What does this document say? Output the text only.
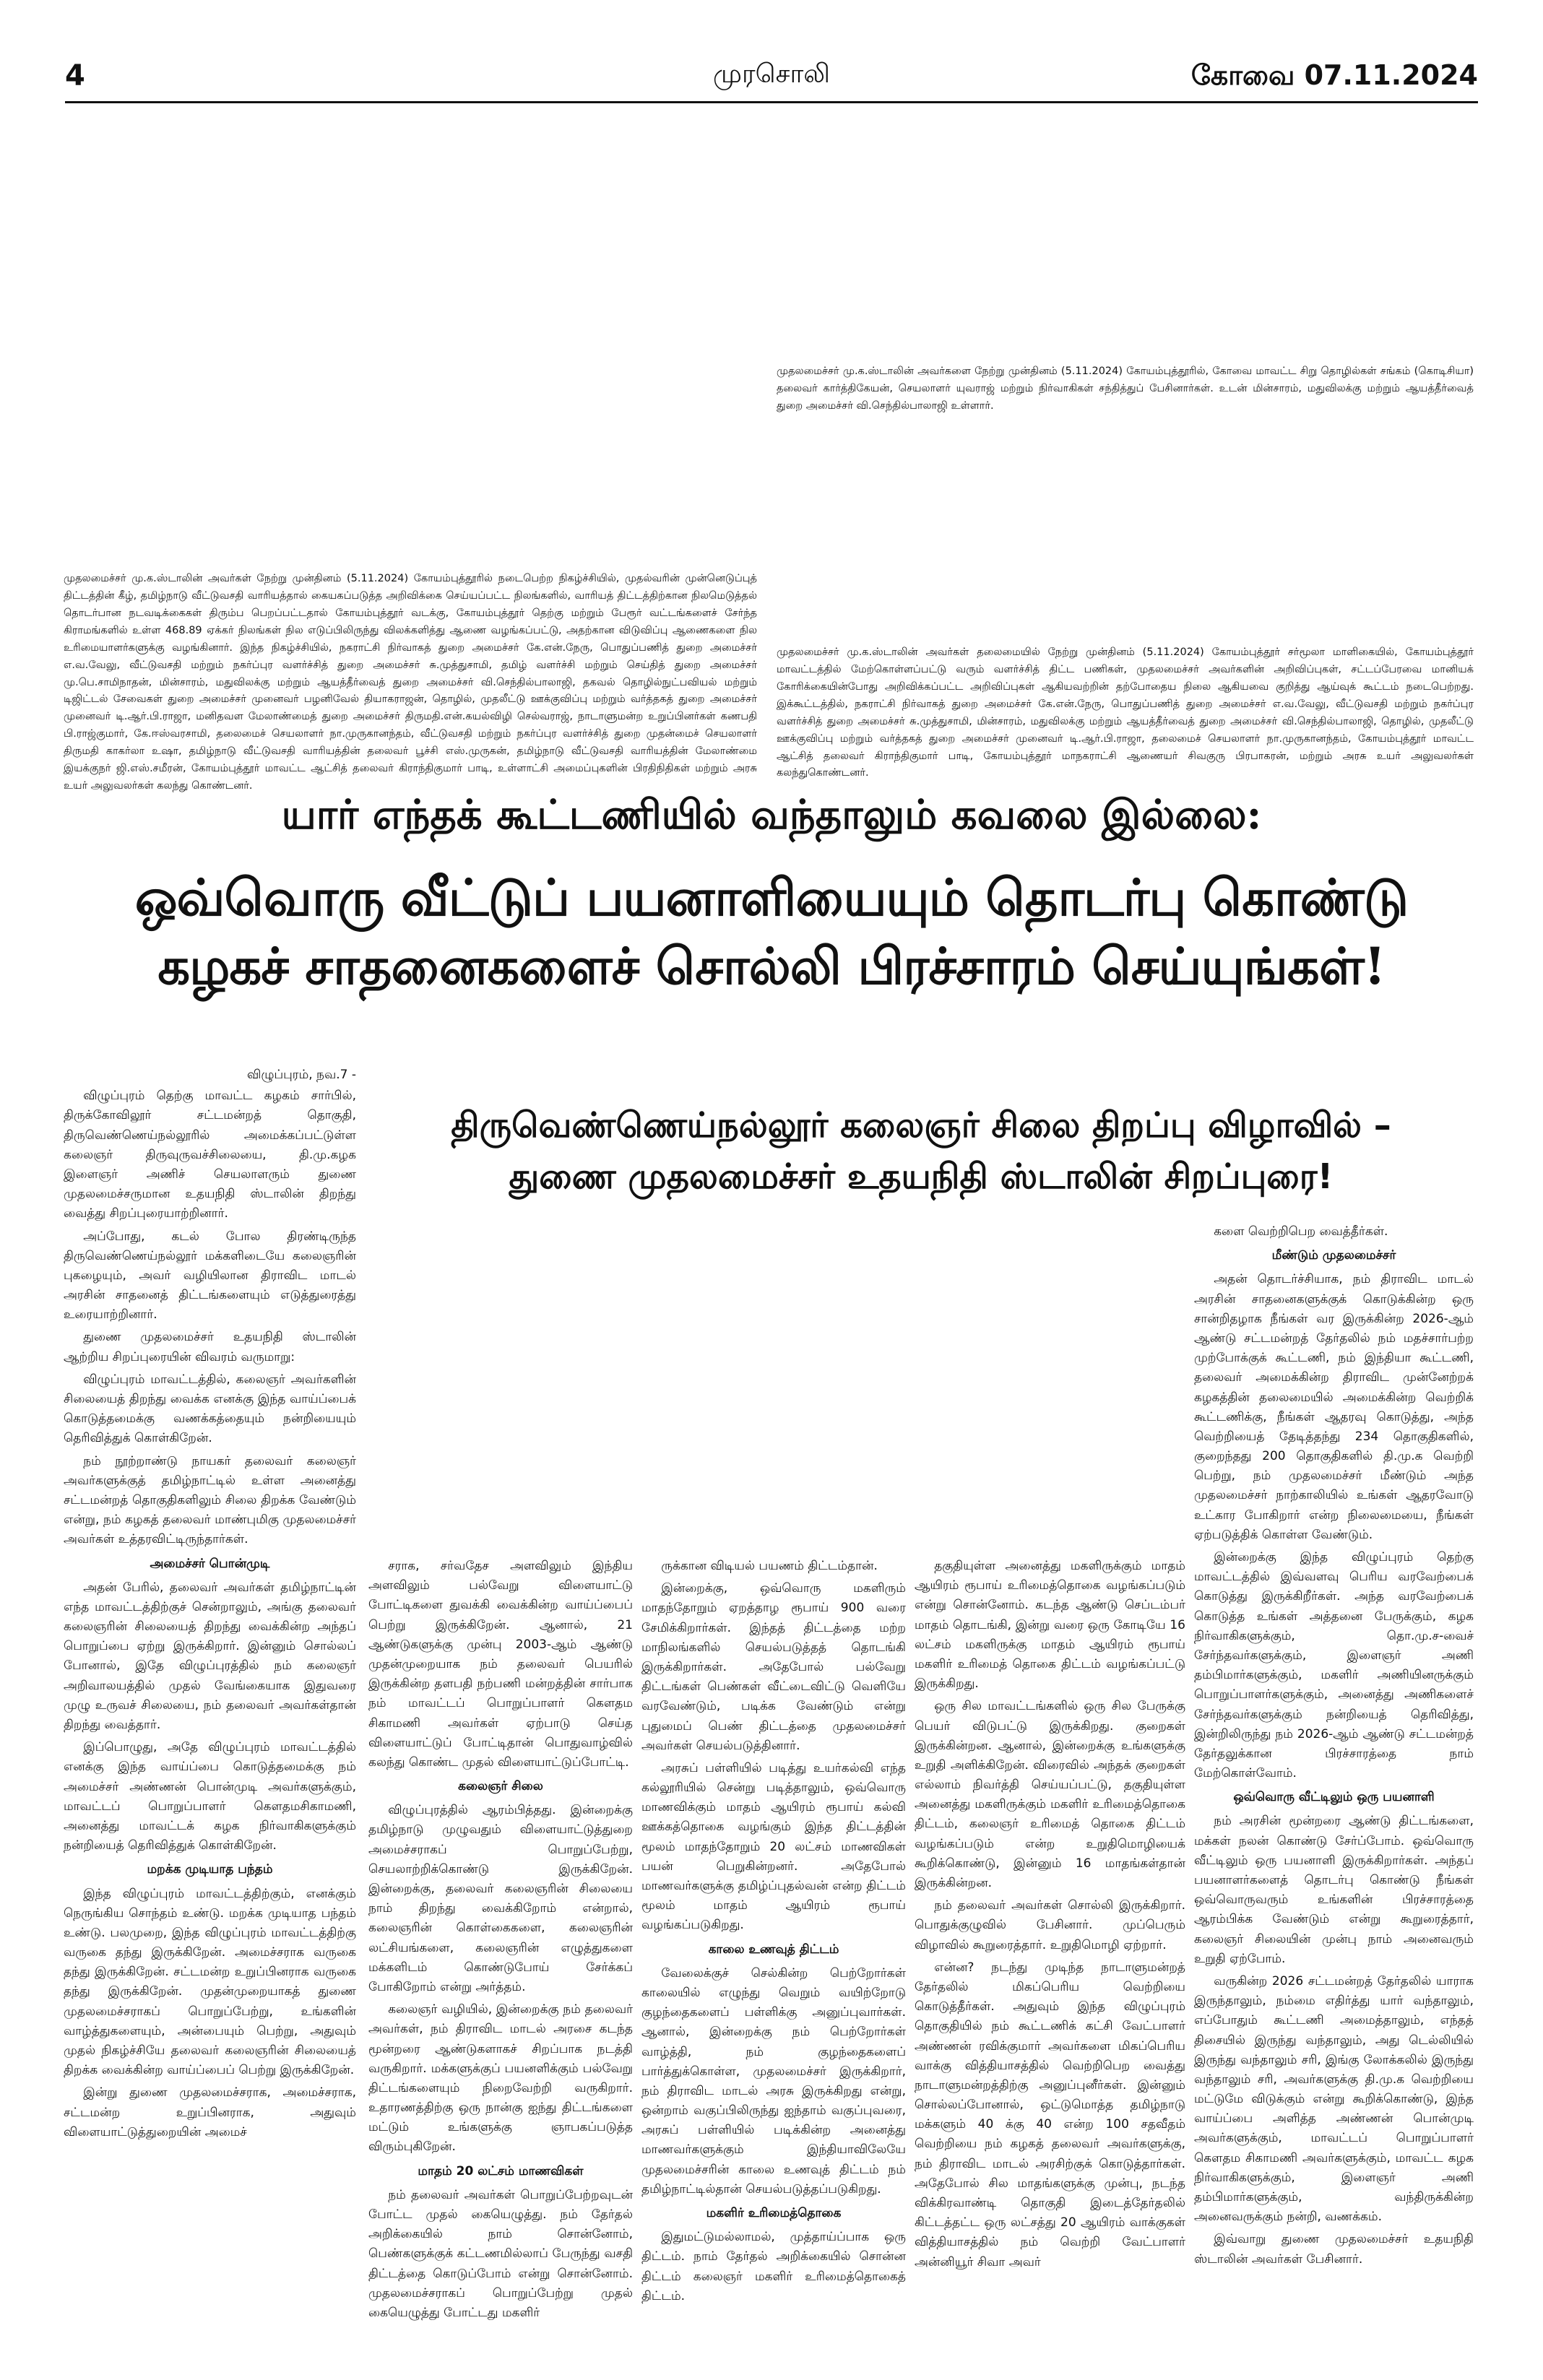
4	முரசொலி	கோவை 07.11.2024
முதலமைச்சர் மு.க.ஸ்டாலின் அவர்களை நேற்று முன்தினம் (5.11.2024) கோயம்புத்தூரில், கோவை மாவட்ட சிறு தொழில்கள் சங்கம் (கொடிசியா) தலைவர் கார்த்திகேயன், செயலாளர் யுவராஜ் மற்றும் நிர்வாகிகள் சந்தித்துப் பேசினார்கள். உடன் மின்சாரம், மதுவிலக்கு மற்றும் ஆயத்தீர்வைத் துறை அமைச்சர் வி.செந்தில்பாலாஜி உள்ளார்.
முதலமைச்சர் மு.க.ஸ்டாலின் அவர்கள் நேற்று முன்தினம் (5.11.2024) கோயம்புத்தூரில் நடைபெற்ற நிகழ்ச்சியில், முதல்வரின் முன்னெடுப்புத் திட்டத்தின் கீழ், தமிழ்நாடு வீட்டுவசதி வாரியத்தால் கையகப்படுத்த அறிவிக்கை செய்யப்பட்ட நிலங்களில், வாரியத் திட்டத்திற்கான நிலமெடுத்தல் தொடர்பான நடவடிக்கைகள் திரும்ப பெறப்பட்டதால் கோயம்புத்தூர் வடக்கு, கோயம்புத்தூர் தெற்கு மற்றும் பேரூர் வட்டங்களைச் சேர்ந்த கிராமங்களில் உள்ள 468.89 ஏக்கர் நிலங்கள் நில எடுப்பிலிருந்து விலக்களித்து ஆணை வழங்கப்பட்டு, அதற்கான விடுவிப்பு ஆணைகளை நில உரிமையாளர்களுக்கு வழங்கினார். இந்த நிகழ்ச்சியில், நகராட்சி நிர்வாகத் துறை அமைச்சர் கே.என்.நேரு, பொதுப்பணித் துறை அமைச்சர் எ.வ.வேலு, வீட்டுவசதி மற்றும் நகர்ப்புர வளர்ச்சித் துறை அமைச்சர் சு.முத்துசாமி, தமிழ் வளர்ச்சி மற்றும் செய்தித் துறை அமைச்சர் மு.பெ.சாமிநாதன், மின்சாரம், மதுவிலக்கு மற்றும் ஆயத்தீர்வைத் துறை அமைச்சர் வி.செந்தில்பாலாஜி, தகவல் தொழில்நுட்பவியல் மற்றும் டிஜிட்டல் சேவைகள் துறை அமைச்சர் முனைவர் பழனிவேல் தியாகராஜன், தொழில், முதலீட்டு ஊக்குவிப்பு மற்றும் வர்த்தகத் துறை அமைச்சர் முனைவர் டி.ஆர்.பி.ராஜா, மனிதவள மேலாண்மைத் துறை அமைச்சர் திருமதி.என்.கயல்விழி செல்வராஜ், நாடாளுமன்ற உறுப்பினர்கள் கணபதி பி.ராஜ்குமார், கே.ஈஸ்வரசாமி, தலைமைச் செயலாளர் நா.முருகானந்தம், வீட்டுவசதி மற்றும் நகர்ப்புர வளர்ச்சித் துறை முதன்மைச் செயலாளர் திருமதி காகர்லா உஷா, தமிழ்நாடு வீட்டுவசதி வாரியத்தின் தலைவர் பூச்சி எஸ்.முருகன், தமிழ்நாடு வீட்டுவசதி வாரியத்தின் மேலாண்மை இயக்குநர் ஜி.எஸ்.சமீரன், கோயம்புத்தூர் மாவட்ட ஆட்சித் தலைவர் கிராந்திகுமார் பாடி, உள்ளாட்சி அமைப்புகளின் பிரதிநிதிகள் மற்றும் அரசு உயர் அலுவலர்கள் கலந்து கொண்டனர்.
முதலமைச்சர் மு.க.ஸ்டாலின் அவர்கள் தலைமையில் நேற்று முன்தினம் (5.11.2024) கோயம்புத்தூர் சர்மூலா மாளிகையில், கோயம்புத்தூர் மாவட்டத்தில் மேற்கொள்ளப்பட்டு வரும் வளர்ச்சித் திட்ட பணிகள், முதலமைச்சர் அவர்களின் அறிவிப்புகள், சட்டப்பேரவை மானியக் கோரிக்கையின்போது அறிவிக்கப்பட்ட அறிவிப்புகள் ஆகியவற்றின் தற்போதைய நிலை ஆகியவை குறித்து ஆய்வுக் கூட்டம் நடைபெற்றது. இக்கூட்டத்தில், நகராட்சி நிர்வாகத் துறை அமைச்சர் கே.என்.நேரு, பொதுப்பணித் துறை அமைச்சர் எ.வ.வேலு, வீட்டுவசதி மற்றும் நகர்ப்புர வளர்ச்சித் துறை அமைச்சர் சு.முத்துசாமி, மின்சாரம், மதுவிலக்கு மற்றும் ஆயத்தீர்வைத் துறை அமைச்சர் வி.செந்தில்பாலாஜி, தொழில், முதலீட்டு ஊக்குவிப்பு மற்றும் வர்த்தகத் துறை அமைச்சர் முனைவர் டி.ஆர்.பி.ராஜா, தலைமைச் செயலாளர் நா.முருகானந்தம், கோயம்புத்தூர் மாவட்ட ஆட்சித் தலைவர் கிராந்திகுமார் பாடி, கோயம்புத்தூர் மாநகராட்சி ஆணையர் சிவகுரு பிரபாகரன், மற்றும் அரசு உயர் அலுவலர்கள் கலந்துகொண்டனர்.
யார் எந்தக் கூட்டணியில் வந்தாலும் கவலை இல்லை:
ஒவ்வொரு வீட்டுப் பயனாளியையும் தொடர்பு கொண்டு
கழகச் சாதனைகளைச் சொல்லி பிரச்சாரம் செய்யுங்கள்!
திருவெண்ணெய்நல்லூர் கலைஞர் சிலை திறப்பு விழாவில் –
துணை முதலமைச்சர் உதயநிதி ஸ்டாலின் சிறப்புரை!

விழுப்புரம், நவ.7 -

விழுப்புரம் தெற்கு மாவட்ட கழகம் சார்பில், திருக்கோவிலூர் சட்டமன்றத் தொகுதி, திருவெண்ணெய்நல்லூரில் அமைக்கப்பட்டுள்ள கலைஞர் திருவுருவச்சிலையை, தி.மு.கழக இளைஞர் அணிச் செயலாளரும் துணை முதலமைச்சருமான உதயநிதி ஸ்டாலின் திறந்து வைத்து சிறப்புரையாற்றினார்.

அப்போது, கடல் போல திரண்டிருந்த திருவெண்ணெய்நல்லூர் மக்களிடையே கலைஞரின் புகழையும், அவர் வழியிலான திராவிட மாடல் அரசின் சாதனைத் திட்டங்களையும் எடுத்துரைத்து உரையாற்றினார்.

துணை முதலமைச்சர் உதயநிதி ஸ்டாலின் ஆற்றிய சிறப்புரையின் விவரம் வருமாறு:

விழுப்புரம் மாவட்டத்தில், கலைஞர் அவர்களின் சிலையைத் திறந்து வைக்க எனக்கு இந்த வாய்ப்பைக் கொடுத்தமைக்கு வணக்கத்தையும் நன்றியையும் தெரிவித்துக் கொள்கிறேன்.

நம் நூற்றாண்டு நாயகர் தலைவர் கலைஞர் அவர்களுக்குத் தமிழ்நாட்டில் உள்ள அனைத்து சட்டமன்றத் தொகுதிகளிலும் சிலை திறக்க வேண்டும் என்று, நம் கழகத் தலைவர் மாண்புமிகு முதலமைச்சர் அவர்கள் உத்தரவிட்டிருந்தார்கள்.

அமைச்சர் பொன்முடி

அதன் பேரில், தலைவர் அவர்கள் தமிழ்நாட்டின் எந்த மாவட்டத்திற்குச் சென்றாலும், அங்கு தலைவர் கலைஞரின் சிலையைத் திறந்து வைக்கின்ற அந்தப் பொறுப்பை ஏற்று இருக்கிறார். இன்னும் சொல்லப் போனால், இதே விழுப்புரத்தில் நம் கலைஞர் அறிவாலயத்தில் முதல் வேங்கையாக இதுவரை முழு உருவச் சிலையை, நம் தலைவர் அவர்கள்தான் திறந்து வைத்தார்.

இப்பொழுது, அதே விழுப்புரம் மாவட்டத்தில் எனக்கு இந்த வாய்ப்பை கொடுத்தமைக்கு நம் அமைச்சர் அண்ணன் பொன்முடி அவர்களுக்கும், மாவட்டப் பொறுப்பாளர் கௌதமசிகாமணி, அனைத்து மாவட்டக் கழக நிர்வாகிகளுக்கும் நன்றியைத் தெரிவித்துக் கொள்கிறேன்.

மறக்க முடியாத பந்தம்

இந்த விழுப்புரம் மாவட்டத்திற்கும், எனக்கும் நெருங்கிய சொந்தம் உண்டு. மறக்க முடியாத பந்தம் உண்டு. பலமுறை, இந்த விழுப்புரம் மாவட்டத்திற்கு வருகை தந்து இருக்கிறேன். அமைச்சராக வருகை தந்து இருக்கிறேன். சட்டமன்ற உறுப்பினராக வருகை தந்து இருக்கிறேன். முதன்முறையாகத் துணை முதலமைச்சராகப் பொறுப்பேற்று, உங்களின் வாழ்த்துகளையும், அன்பையும் பெற்று, அதுவும் முதல் நிகழ்ச்சியே தலைவர் கலைஞரின் சிலையைத் திறக்க வைக்கின்ற வாய்ப்பைப் பெற்று இருக்கிறேன்.

இன்று துணை முதலமைச்சராக, அமைச்சராக, சட்டமன்ற உறுப்பினராக, அதுவும் விளையாட்டுத்துறையின் அமைச்

சராக, சர்வதேச அளவிலும் இந்திய அளவிலும் பல்வேறு விளையாட்டு போட்டிகளை துவக்கி வைக்கின்ற வாய்ப்பைப் பெற்று இருக்கிறேன். ஆனால், 21 ஆண்டுகளுக்கு முன்பு 2003-ஆம் ஆண்டு முதன்முறையாக நம் தலைவர் பெயரில் இருக்கின்ற தளபதி நற்பணி மன்றத்தின் சார்பாக நம் மாவட்டப் பொறுப்பாளர் கௌதம சிகாமணி அவர்கள் ஏற்பாடு செய்த விளையாட்டுப் போட்டிதான் பொதுவாழ்வில் கலந்து கொண்ட முதல் விளையாட்டுப்போட்டி.

கலைஞர் சிலை

விழுப்புரத்தில் ஆரம்பித்தது. இன்றைக்கு தமிழ்நாடு முழுவதும் விளையாட்டுத்துறை அமைச்சராகப் பொறுப்பேற்று, செயலாற்றிக்கொண்டு இருக்கிறேன். இன்றைக்கு, தலைவர் கலைஞரின் சிலையை நாம் திறந்து வைக்கிறோம் என்றால், கலைஞரின் கொள்கைகளை, கலைஞரின் லட்சியங்களை, கலைஞரின் எழுத்துகளை மக்களிடம் கொண்டுபோய் சேர்க்கப் போகிறோம் என்று அர்த்தம்.

கலைஞர் வழியில், இன்றைக்கு நம் தலைவர் அவர்கள், நம் திராவிட மாடல் அரசை கடந்த மூன்றரை ஆண்டுகளாகச் சிறப்பாக நடத்தி வருகிறார். மக்களுக்குப் பயனளிக்கும் பல்வேறு திட்டங்களையும் நிறைவேற்றி வருகிறார். உதாரணத்திற்கு ஒரு நான்கு ஐந்து திட்டங்களை மட்டும் உங்களுக்கு ஞாபகப்படுத்த விரும்புகிறேன்.

மாதம் 20 லட்சம் மாணவிகள்

நம் தலைவர் அவர்கள் பொறுப்பேற்றவுடன் போட்ட முதல் கையெழுத்து. நம் தேர்தல் அறிக்கையில் நாம் சொன்னோம், பெண்களுக்குக் கட்டணமில்லாப் பேருந்து வசதி திட்டத்தை கொடுப்போம் என்று சொன்னோம். முதலமைச்சராகப் பொறுப்பேற்று முதல் கையெழுத்து போட்டது மகளிர்

ருக்கான விடியல் பயணம் திட்டம்தான்.

இன்றைக்கு, ஒவ்வொரு மகளிரும் மாதந்தோறும் ஏறத்தாழ ரூபாய் 900 வரை சேமிக்கிறார்கள். இந்தத் திட்டத்தை மற்ற மாநிலங்களில் செயல்படுத்தத் தொடங்கி இருக்கிறார்கள். அதேபோல் பல்வேறு திட்டங்கள் பெண்கள் வீட்டைவிட்டு வெளியே வரவேண்டும், படிக்க வேண்டும் என்று புதுமைப் பெண் திட்டத்தை முதலமைச்சர் அவர்கள் செயல்படுத்தினார்.

அரசுப் பள்ளியில் படித்து உயர்கல்வி எந்த கல்லூரியில் சென்று படித்தாலும், ஒவ்வொரு மாணவிக்கும் மாதம் ஆயிரம் ரூபாய் கல்வி ஊக்கத்தொகை வழங்கும் இந்த திட்டத்தின் மூலம் மாதந்தோறும் 20 லட்சம் மாணவிகள் பயன் பெறுகின்றனர். அதேபோல் மாணவர்களுக்கு தமிழ்ப்புதல்வன் என்ற திட்டம் மூலம் மாதம் ஆயிரம் ரூபாய் வழங்கப்படுகிறது.

காலை உணவுத் திட்டம்

வேலைக்குச் செல்கின்ற பெற்றோர்கள் காலையில் எழுந்து வெறும் வயிற்றோடு குழந்தைகளைப் பள்ளிக்கு அனுப்புவார்கள். ஆனால், இன்றைக்கு நம் பெற்றோர்கள் வாழ்த்தி, நம் குழந்தைகளைப் பார்த்துக்கொள்ள, முதலமைச்சர் இருக்கிறார், நம் திராவிட மாடல் அரசு இருக்கிறது என்று, ஒன்றாம் வகுப்பிலிருந்து ஐந்தாம் வகுப்புவரை, அரசுப் பள்ளியில் படிக்கின்ற அனைத்து மாணவர்களுக்கும் இந்தியாவிலேயே முதலமைச்சரின் காலை உணவுத் திட்டம் நம் தமிழ்நாட்டில்தான் செயல்படுத்தப்படுகிறது.

மகளிர் உரிமைத்தொகை

இதுமட்டுமல்லாமல், முத்தாய்ப்பாக ஒரு திட்டம். நாம் தேர்தல் அறிக்கையில் சொன்ன திட்டம் கலைஞர் மகளிர் உரிமைத்தொகைத் திட்டம்.

தகுதியுள்ள அனைத்து மகளிருக்கும் மாதம் ஆயிரம் ரூபாய் உரிமைத்தொகை வழங்கப்படும் என்று சொன்னோம். கடந்த ஆண்டு செப்டம்பர் மாதம் தொடங்கி, இன்று வரை ஒரு கோடியே 16 லட்சம் மகளிருக்கு மாதம் ஆயிரம் ரூபாய் மகளிர் உரிமைத் தொகை திட்டம் வழங்கப்பட்டு இருக்கிறது.

ஒரு சில மாவட்டங்களில் ஒரு சில பேருக்கு பெயர் விடுபட்டு இருக்கிறது. குறைகள் இருக்கின்றன. ஆனால், இன்றைக்கு உங்களுக்கு உறுதி அளிக்கிறேன். விரைவில் அந்தக் குறைகள் எல்லாம் நிவர்த்தி செய்யப்பட்டு, தகுதியுள்ள அனைத்து மகளிருக்கும் மகளிர் உரிமைத்தொகை திட்டம், கலைஞர் உரிமைத் தொகை திட்டம் வழங்கப்படும் என்ற உறுதிமொழியைக் கூறிக்கொண்டு, இன்னும் 16 மாதங்கள்தான் இருக்கின்றன.

நம் தலைவர் அவர்கள் சொல்லி இருக்கிறார். பொதுக்குழுவில் பேசினார். முப்பெரும் விழாவில் கூறுரைத்தார். உறுதிமொழி ஏற்றார்.

என்ன? நடந்து முடிந்த நாடாளுமன்றத் தேர்தலில் மிகப்பெரிய வெற்றியை கொடுத்தீர்கள். அதுவும் இந்த விழுப்புரம் தொகுதியில் நம் கூட்டணிக் கட்சி வேட்பாளர் அண்ணன் ரவிக்குமார் அவர்களை மிகப்பெரிய வாக்கு வித்தியாசத்தில் வெற்றிபெற வைத்து நாடாளுமன்றத்திற்கு அனுப்புனீர்கள். இன்னும் சொல்லப்போனால், ஒட்டுமொத்த தமிழ்நாடு மக்களும் 40 க்கு 40 என்ற 100 சதவீதம் வெற்றியை நம் கழகத் தலைவர் அவர்களுக்கு, நம் திராவிட மாடல் அரசிற்குக் கொடுத்தார்கள். அதேபோல் சில மாதங்களுக்கு முன்பு, நடந்த விக்கிரவாண்டி தொகுதி இடைத்தேர்தலில் கிட்டத்தட்ட ஒரு லட்சத்து 20 ஆயிரம் வாக்குகள் வித்தியாசத்தில் நம் வெற்றி வேட்பாளர் அன்னியூர் சிவா அவர்

களை வெற்றிபெற வைத்தீர்கள்.

மீண்டும் முதலமைச்சர்

அதன் தொடர்ச்சியாக, நம் திராவிட மாடல் அரசின் சாதனைகளுக்குக் கொடுக்கின்ற ஒரு சான்றிதழாக நீங்கள் வர இருக்கின்ற 2026-ஆம் ஆண்டு சட்டமன்றத் தேர்தலில் நம் மதச்சார்பற்ற முற்போக்குக் கூட்டணி, நம் இந்தியா கூட்டணி, தலைவர் அமைக்கின்ற திராவிட முன்னேற்றக் கழகத்தின் தலைமையில் அமைக்கின்ற வெற்றிக் கூட்டணிக்கு, நீங்கள் ஆதரவு கொடுத்து, அந்த வெற்றியைத் தேடித்தந்து 234 தொகுதிகளில், குறைந்தது 200 தொகுதிகளில் தி.மு.க வெற்றி பெற்று, நம் முதலமைச்சர் மீண்டும் அந்த முதலமைச்சர் நாற்காலியில் உங்கள் ஆதரவோடு உட்கார போகிறார் என்ற நிலைமையை, நீங்கள் ஏற்படுத்திக் கொள்ள வேண்டும்.

இன்றைக்கு இந்த விழுப்புரம் தெற்கு மாவட்டத்தில் இவ்வளவு பெரிய வரவேற்பைக் கொடுத்து இருக்கிறீர்கள். அந்த வரவேற்பைக் கொடுத்த உங்கள் அத்தனை பேருக்கும், கழக நிர்வாகிகளுக்கும், தொ.மு.ச-வைச் சேர்ந்தவர்களுக்கும், இளைஞர் அணி தம்பிமார்களுக்கும், மகளிர் அணியினருக்கும் பொறுப்பாளர்களுக்கும், அனைத்து அணிகளைச் சேர்ந்தவர்களுக்கும் நன்றியைத் தெரிவித்து, இன்றிலிருந்து நம் 2026-ஆம் ஆண்டு சட்டமன்றத் தேர்தலுக்கான பிரச்சாரத்தை நாம் மேற்கொள்வோம்.

ஒவ்வொரு வீட்டிலும் ஒரு பயனாளி

நம் அரசின் மூன்றரை ஆண்டு திட்டங்களை, மக்கள் நலன் கொண்டு சேர்ப்போம். ஒவ்வொரு வீட்டிலும் ஒரு பயனாளி இருக்கிறார்கள். அந்தப் பயனாளர்களைத் தொடர்பு கொண்டு நீங்கள் ஒவ்வொருவரும் உங்களின் பிரச்சாரத்தை ஆரம்பிக்க வேண்டும் என்று கூறுரைத்தார், கலைஞர் சிலையின் முன்பு நாம் அனைவரும் உறுதி ஏற்போம்.

வருகின்ற 2026 சட்டமன்றத் தேர்தலில் யாராக இருந்தாலும், நம்மை எதிர்த்து யார் வந்தாலும், எப்போதும் கூட்டணி அமைத்தாலும், எந்தத் திசையில் இருந்து வந்தாலும், அது டெல்லியில் இருந்து வந்தாலும் சரி, இங்கு லோக்கலில் இருந்து வந்தாலும் சரி, அவர்களுக்கு தி.மு.க வெற்றியை மட்டுமே விடுக்கும் என்று கூறிக்கொண்டு, இந்த வாய்ப்பை அளித்த அண்ணன் பொன்முடி அவர்களுக்கும், மாவட்டப் பொறுப்பாளர் கௌதம சிகாமணி அவர்களுக்கும், மாவட்ட கழக நிர்வாகிகளுக்கும், இளைஞர் அணி தம்பிமார்களுக்கும், வந்திருக்கின்ற அனைவருக்கும் நன்றி, வணக்கம்.

இவ்வாறு துணை முதலமைச்சர் உதயநிதி ஸ்டாலின் அவர்கள் பேசினார்.
